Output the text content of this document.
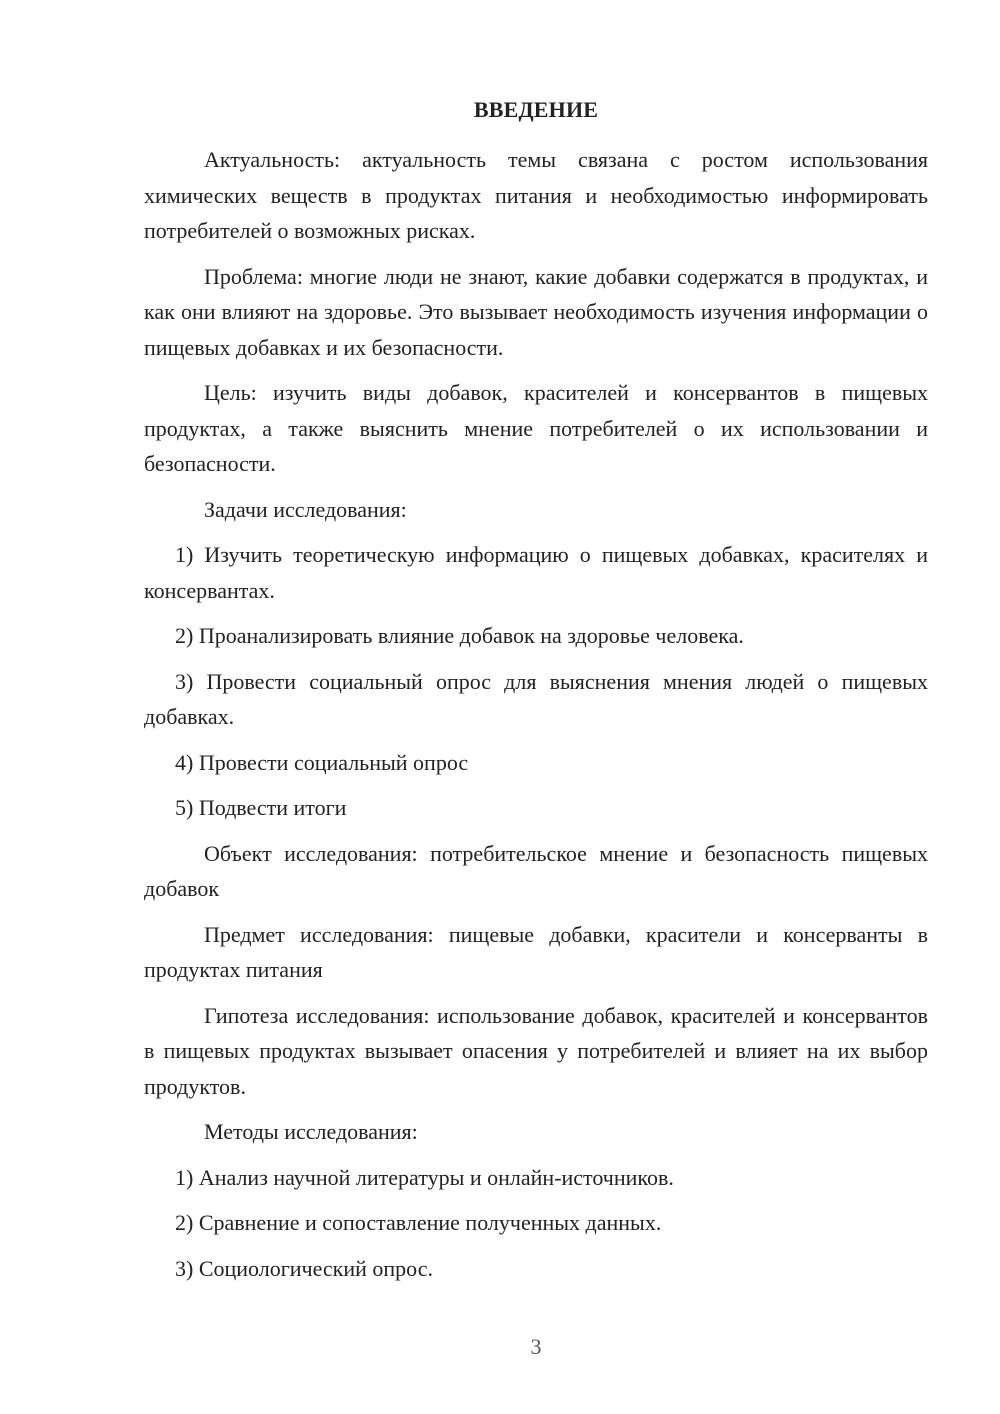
ВВЕДЕНИЕ

Актуальность: актуальность темы связана с ростом использования химических веществ в продуктах питания и необходимостью информировать потребителей о возможных рисках.

Проблема: многие люди не знают, какие добавки содержатся в продуктах, и как они влияют на здоровье. Это вызывает необходимость изучения информации о пищевых добавках и их безопасности.

Цель: изучить виды добавок, красителей и консервантов в пищевых продуктах, а также выяснить мнение потребителей о их использовании и безопасности.

Задачи исследования:

1) Изучить теоретическую информацию о пищевых добавках, красителях и консервантах.

2) Проанализировать влияние добавок на здоровье человека.

3) Провести социальный опрос для выяснения мнения людей о пищевых добавках.

4) Провести социальный опрос

5) Подвести итоги

Объект исследования: потребительское мнение и безопасность пищевых добавок

Предмет исследования: пищевые добавки, красители и консерванты в продуктах питания

Гипотеза исследования: использование добавок, красителей и консервантов в пищевых продуктах вызывает опасения у потребителей и влияет на их выбор продуктов.

Методы исследования:

1) Анализ научной литературы и онлайн-источников.

2) Сравнение и сопоставление полученных данных.

3) Социологический опрос.

3
